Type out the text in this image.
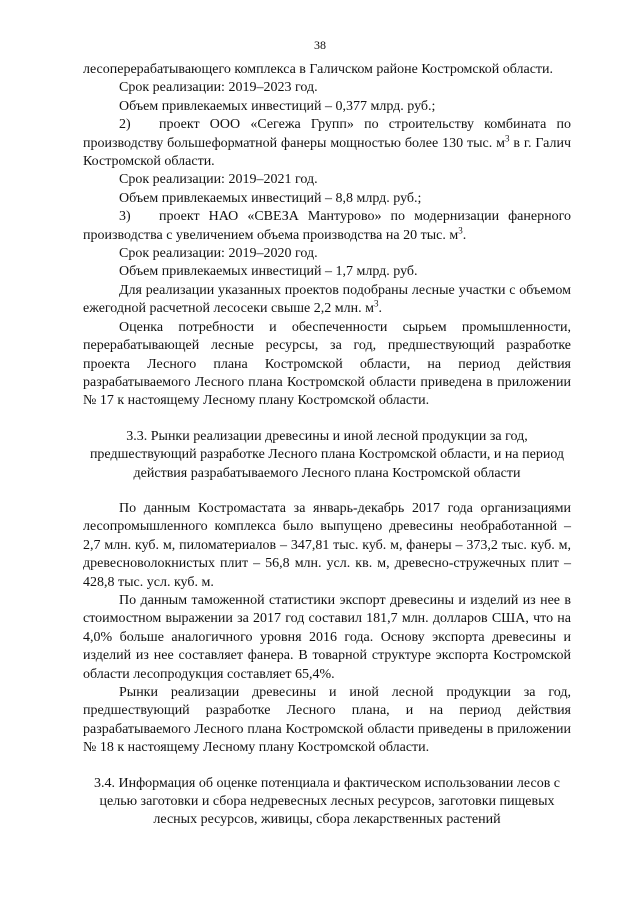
38

лесоперерабатывающего комплекса в Галичском районе Костромской области.

Срок реализации: 2019–2023 год.

Объем привлекаемых инвестиций – 0,377 млрд. руб.;

2) проект ООО «Сегежа Групп» по строительству комбината по производству большеформатной фанеры мощностью более 130 тыс. $м^3$ в г. Галич Костромской области.

Срок реализации: 2019–2021 год.

Объем привлекаемых инвестиций – 8,8 млрд. руб.;

3) проект НАО «СВЕЗА Мантурово» по модернизации фанерного производства с увеличением объема производства на 20 тыс. $м^3$.

Срок реализации: 2019–2020 год.

Объем привлекаемых инвестиций – 1,7 млрд. руб.

Для реализации указанных проектов подобраны лесные участки с объемом ежегодной расчетной лесосеки свыше 2,2 млн. $м^3$.

Оценка потребности и обеспеченности сырьем промышленности, перерабатывающей лесные ресурсы, за год, предшествующий разработке проекта Лесного плана Костромской области, на период действия разрабатываемого Лесного плана Костромской области приведена в приложении № 17 к настоящему Лесному плану Костромской области.

3.3. Рынки реализации древесины и иной лесной продукции за год, предшествующий разработке Лесного плана Костромской области, и на период действия разрабатываемого Лесного плана Костромской области

По данным Костромастата за январь-декабрь 2017 года организациями лесопромышленного комплекса было выпущено древесины необработанной – 2,7 млн. куб. м, пиломатериалов – 347,81 тыс. куб. м, фанеры – 373,2 тыс. куб. м, древесноволокнистых плит – 56,8 млн. усл. кв. м, древесно-стружечных плит – 428,8 тыс. усл. куб. м.

По данным таможенной статистики экспорт древесины и изделий из нее в стоимостном выражении за 2017 год составил 181,7 млн. долларов США, что на 4,0% больше аналогичного уровня 2016 года. Основу экспорта древесины и изделий из нее составляет фанера. В товарной структуре экспорта Костромской области лесопродукция составляет 65,4%.

Рынки реализации древесины и иной лесной продукции за год, предшествующий разработке Лесного плана, и на период действия разрабатываемого Лесного плана Костромской области приведены в приложении № 18 к настоящему Лесному плану Костромской области.

3.4. Информация об оценке потенциала и фактическом использовании лесов с целью заготовки и сбора недревесных лесных ресурсов, заготовки пищевых лесных ресурсов, живицы, сбора лекарственных растений
